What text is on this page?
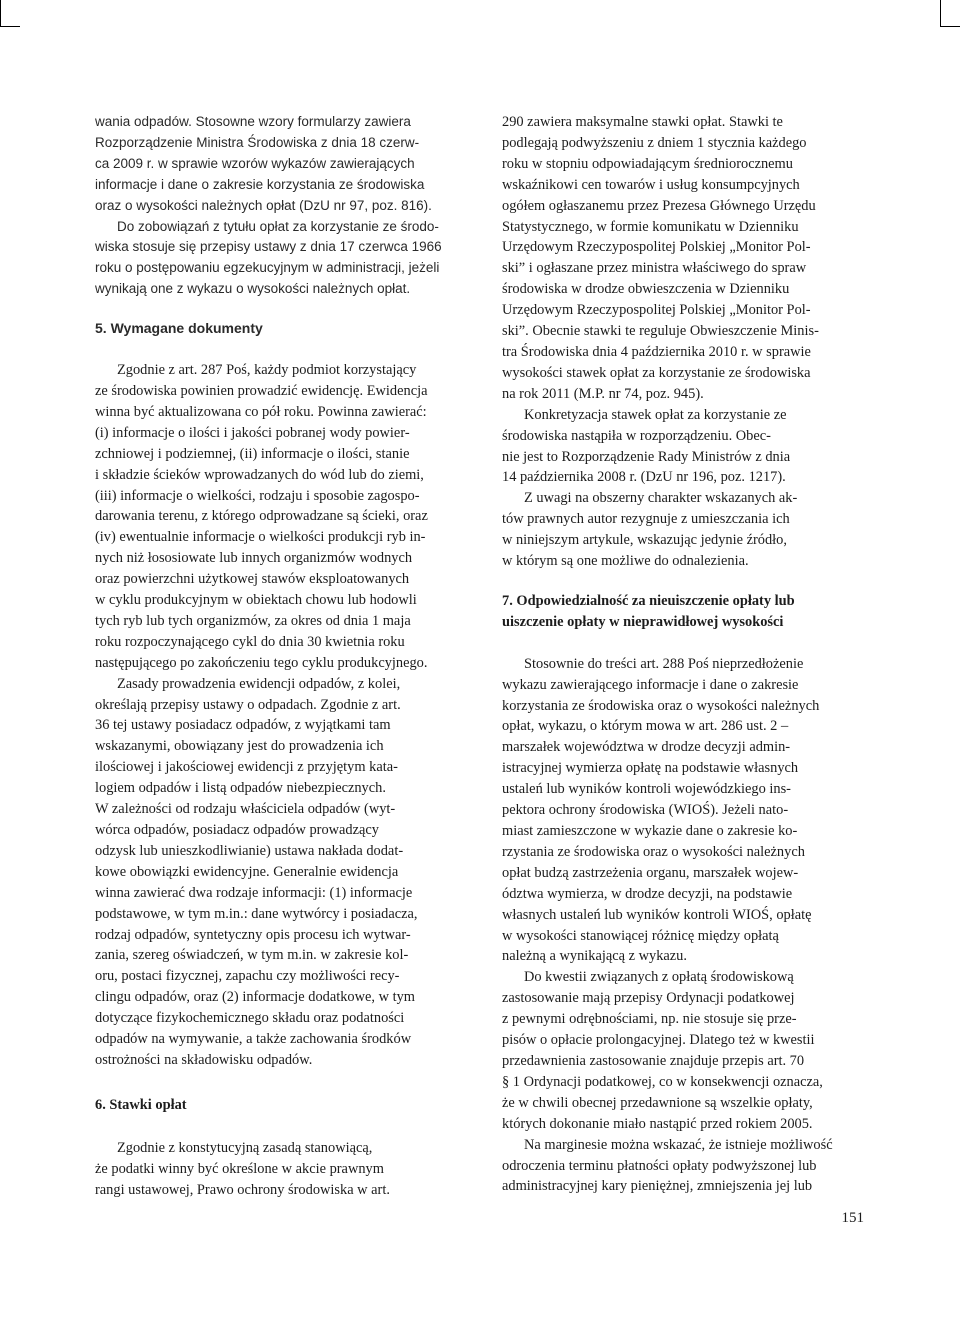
wania odpadów. Stosowne wzory formularzy zawiera
Rozporządzenie Ministra Środowiska z dnia 18 czerw-
ca 2009 r. w sprawie wzorów wykazów zawierających
informacje i dane o zakresie korzystania ze środowiska
oraz o wysokości należnych opłat (DzU nr 97, poz. 816).

Do zobowiązań z tytułu opłat za korzystanie ze środo-
wiska stosuje się przepisy ustawy z dnia 17 czerwca 1966
roku o postępowaniu egzekucyjnym w administracji, jeżeli
wynikają one z wykazu o wysokości należnych opłat.

5. Wymagane dokumenty

Zgodnie z art. 287 Poś, każdy podmiot korzystający
ze środowiska powinien prowadzić ewidencję. Ewidencja
winna być aktualizowana co pół roku. Powinna zawierać:
(i) informacje o ilości i jakości pobranej wody powier-
zchniowej i podziemnej, (ii) informacje o ilości, stanie
i składzie ścieków wprowadzanych do wód lub do ziemi,
(iii) informacje o wielkości, rodzaju i sposobie zagospo-
darowania terenu, z którego odprowadzane są ścieki, oraz
(iv) ewentualnie informacje o wielkości produkcji ryb in-
nych niż łososiowate lub innych organizmów wodnych
oraz powierzchni użytkowej stawów eksploatowanych
w cyklu produkcyjnym w obiektach chowu lub hodowli
tych ryb lub tych organizmów, za okres od dnia 1 maja
roku rozpoczynającego cykl do dnia 30 kwietnia roku
następującego po zakończeniu tego cyklu produkcyjnego.

Zasady prowadzenia ewidencji odpadów, z kolei,
określają przepisy ustawy o odpadach. Zgodnie z art.
36 tej ustawy posiadacz odpadów, z wyjątkami tam
wskazanymi, obowiązany jest do prowadzenia ich
ilościowej i jakościowej ewidencji z przyjętym kata-
logiem odpadów i listą odpadów niebezpiecznych.
W zależności od rodzaju właściciela odpadów (wyt-
wórca odpadów, posiadacz odpadów prowadzący
odzysk lub unieszkodliwianie) ustawa nakłada dodat-
kowe obowiązki ewidencyjne. Generalnie ewidencja
winna zawierać dwa rodzaje informacji: (1) informacje
podstawowe, w tym m.in.: dane wytwórcy i posiadacza,
rodzaj odpadów, syntetyczny opis procesu ich wytwar-
zania, szereg oświadczeń, w tym m.in. w zakresie kol-
oru, postaci fizycznej, zapachu czy możliwości recy-
clingu odpadów, oraz (2) informacje dodatkowe, w tym
dotyczące fizykochemicznego składu oraz podatności
odpadów na wymywanie, a także zachowania środków
ostrożności na składowisku odpadów.

6. Stawki opłat

Zgodnie z konstytucyjną zasadą stanowiącą,
że podatki winny być określone w akcie prawnym
rangi ustawowej, Prawo ochrony środowiska w art.

290 zawiera maksymalne stawki opłat. Stawki te
podlegają podwyższeniu z dniem 1 stycznia każdego
roku w stopniu odpowiadającym średniorocznemu
wskaźnikowi cen towarów i usług konsumpcyjnych
ogółem ogłaszanemu przez Prezesa Głównego Urzędu
Statystycznego, w formie komunikatu w Dzienniku
Urzędowym Rzeczypospolitej Polskiej „Monitor Pol-
ski” i ogłaszane przez ministra właściwego do spraw
środowiska w drodze obwieszczenia w Dzienniku
Urzędowym Rzeczypospolitej Polskiej „Monitor Pol-
ski”. Obecnie stawki te reguluje Obwieszczenie Minis-
tra Środowiska dnia 4 października 2010 r. w sprawie
wysokości stawek opłat za korzystanie ze środowiska
na rok 2011 (M.P. nr 74, poz. 945).

Konkretyzacja stawek opłat za korzystanie ze
środowiska nastąpiła w rozporządzeniu. Obec-
nie jest to Rozporządzenie Rady Ministrów z dnia
14 października 2008 r. (DzU nr 196, poz. 1217).

Z uwagi na obszerny charakter wskazanych ak-
tów prawnych autor rezygnuje z umieszczania ich
w niniejszym artykule, wskazując jedynie źródło,
w którym są one możliwe do odnalezienia.

7. Odpowiedzialność za nieuiszczenie opłaty lub
uiszczenie opłaty w nieprawidłowej wysokości

Stosownie do treści art. 288 Poś nieprzedłożenie
wykazu zawierającego informacje i dane o zakresie
korzystania ze środowiska oraz o wysokości należnych
opłat, wykazu, o którym mowa w art. 286 ust. 2 –
marszałek województwa w drodze decyzji admin-
istracyjnej wymierza opłatę na podstawie własnych
ustaleń lub wyników kontroli wojewódzkiego ins-
pektora ochrony środowiska (WIOŚ). Jeżeli nato-
miast zamieszczone w wykazie dane o zakresie ko-
rzystania ze środowiska oraz o wysokości należnych
opłat budzą zastrzeżenia organu, marszałek wojew-
ództwa wymierza, w drodze decyzji, na podstawie
własnych ustaleń lub wyników kontroli WIOŚ, opłatę
w wysokości stanowiącej różnicę między opłatą
należną a wynikającą z wykazu.

Do kwestii związanych z opłatą środowiskową
zastosowanie mają przepisy Ordynacji podatkowej
z pewnymi odrębnościami, np. nie stosuje się prze-
pisów o opłacie prolongacyjnej. Dlatego też w kwestii
przedawnienia zastosowanie znajduje przepis art. 70
§ 1 Ordynacji podatkowej, co w konsekwencji oznacza,
że w chwili obecnej przedawnione są wszelkie opłaty,
których dokonanie miało nastąpić przed rokiem 2005.

Na marginesie można wskazać, że istnieje możliwość
odroczenia terminu płatności opłaty podwyższonej lub
administracyjnej kary pieniężnej, zmniejszenia jej lub

151
